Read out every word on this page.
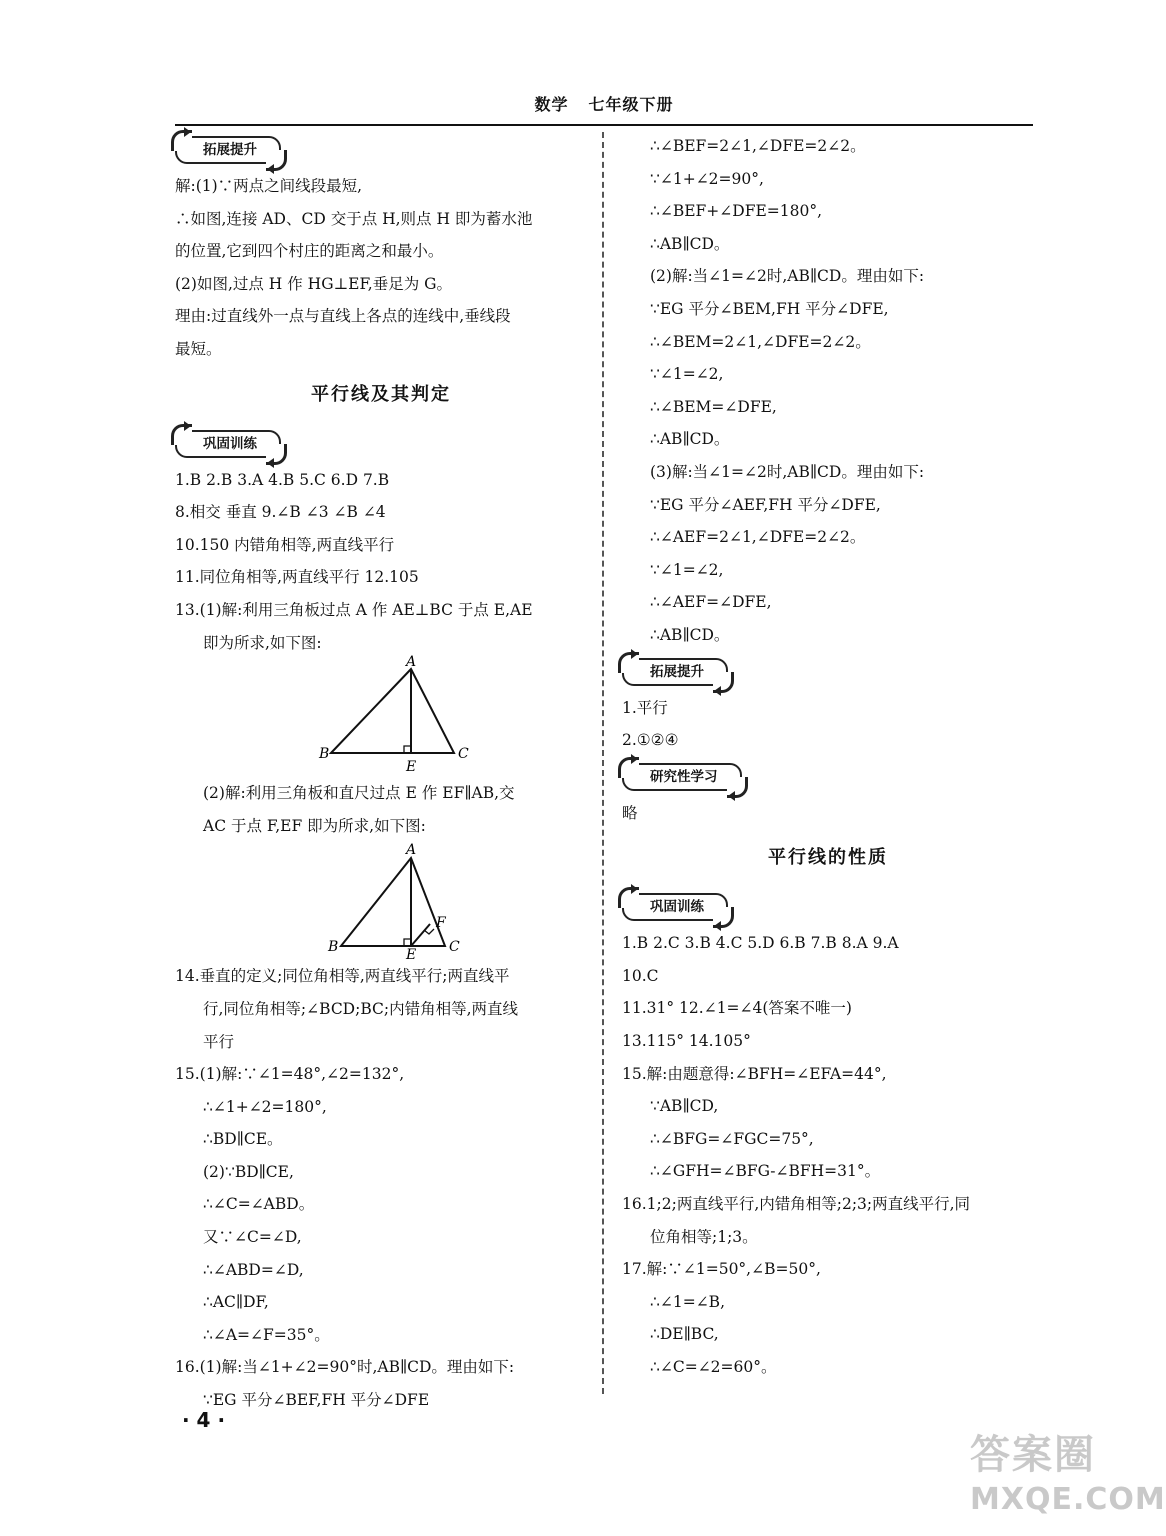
数学 七年级下册
拓展提升
解:(1)∵两点之间线段最短,
∴如图,连接 AD、CD 交于点 H,则点 H 即为蓄水池
的位置,它到四个村庄的距离之和最小。
(2)如图,过点 H 作 HG⊥EF,垂足为 G。
理由:过直线外一点与直线上各点的连线中,垂线段
最短。
平行线及其判定
巩固训练
1.B 2.B 3.A 4.B 5.C 6.D 7.B
8.相交 垂直 9.∠B ∠3 ∠B ∠4
10.150 内错角相等,两直线平行
11.同位角相等,两直线平行 12.105
13.(1)解:利用三角板过点 A 作 AE⊥BC 于点 E,AE
即为所求,如下图:
A
B	C
E
(2)解:利用三角板和直尺过点 E 作 EF∥AB,交
AC 于点 F,EF 即为所求,如下图:
A
B	C
E
F
14.垂直的定义;同位角相等,两直线平行;两直线平
行,同位角相等;∠BCD;BC;内错角相等,两直线
平行
15.(1)解:∵∠1=48°,∠2=132°,
∴∠1+∠2=180°,
∴BD∥CE。
(2)∵BD∥CE,
∴∠C=∠ABD。
又∵∠C=∠D,
∴∠ABD=∠D,
∴AC∥DF,
∴∠A=∠F=35°。
16.(1)解:当∠1+∠2=90°时,AB∥CD。理由如下:
∵EG 平分∠BEF,FH 平分∠DFE
∴∠BEF=2∠1,∠DFE=2∠2。
∵∠1+∠2=90°,
∴∠BEF+∠DFE=180°,
∴AB∥CD。
(2)解:当∠1=∠2时,AB∥CD。理由如下:
∵EG 平分∠BEM,FH 平分∠DFE,
∴∠BEM=2∠1,∠DFE=2∠2。
∵∠1=∠2,
∴∠BEM=∠DFE,
∴AB∥CD。
(3)解:当∠1=∠2时,AB∥CD。理由如下:
∵EG 平分∠AEF,FH 平分∠DFE,
∴∠AEF=2∠1,∠DFE=2∠2。
∵∠1=∠2,
∴∠AEF=∠DFE,
∴AB∥CD。
拓展提升
1.平行
2.①②④
研究性学习
略
平行线的性质
巩固训练
1.B 2.C 3.B 4.C 5.D 6.B 7.B 8.A 9.A
10.C
11.31° 12.∠1=∠4(答案不唯一)
13.115° 14.105°
15.解:由题意得:∠BFH=∠EFA=44°,
∵AB∥CD,
∴∠BFG=∠FGC=75°,
∴∠GFH=∠BFG-∠BFH=31°。
16.1;2;两直线平行,内错角相等;2;3;两直线平行,同
位角相等;1;3。
17.解:∵∠1=50°,∠B=50°,
∴∠1=∠B,
∴DE∥BC,
∴∠C=∠2=60°。
· 4 ·
答案圈
MXQE.COM
